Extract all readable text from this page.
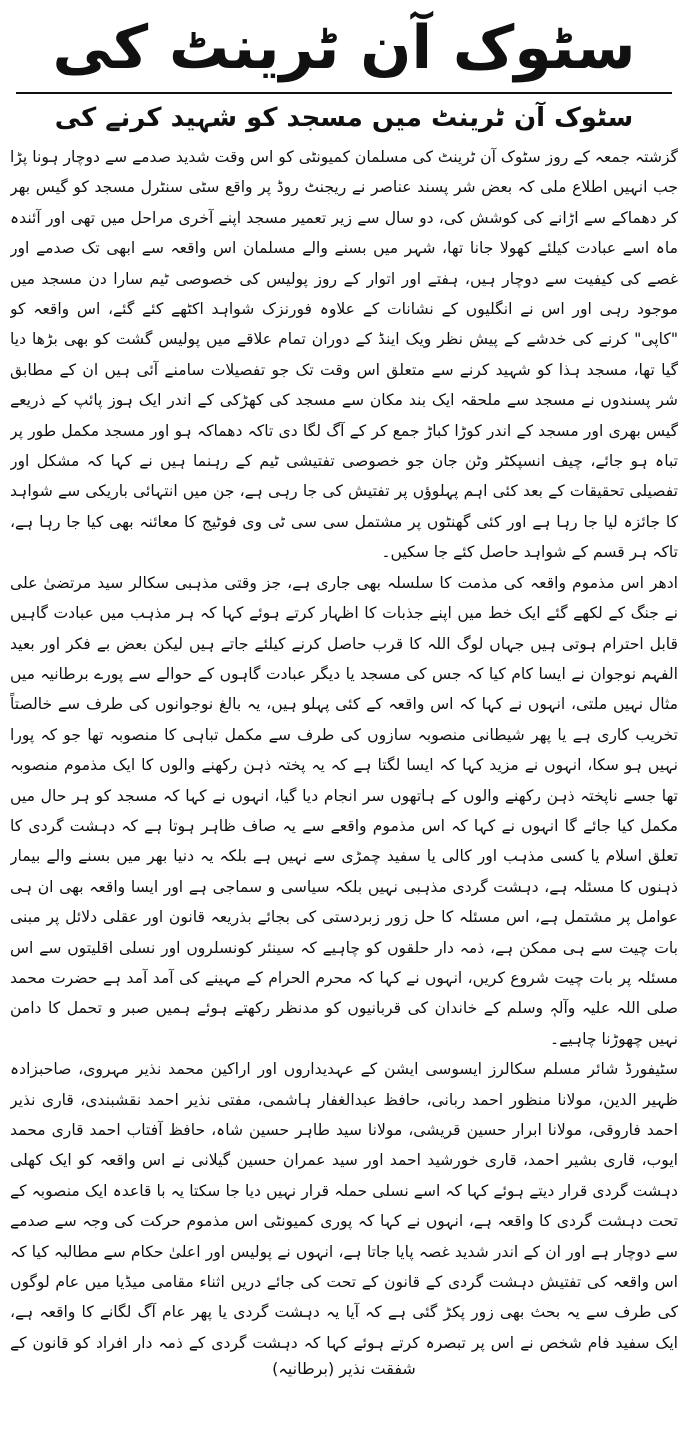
سٹوک آن ٹرینٹ کی
سٹوک آن ٹرینٹ میں مسجد کو شہید کرنے کی

گزشتہ جمعہ کے روز سٹوک آن ٹرینٹ کی مسلمان کمیونٹی کو اس وقت شدید صدمے سے دوچار ہونا پڑا جب انہیں اطلاع ملی کہ بعض شر پسند عناصر نے ریجنٹ روڈ پر واقع سٹی سنٹرل مسجد کو گیس بھر کر دھماکے سے اڑانے کی کوشش کی، دو سال سے زیر تعمیر مسجد اپنے آخری مراحل میں تھی اور آئندہ ماہ اسے عبادت کیلئے کھولا جانا تھا، شہر میں بسنے والے مسلمان اس واقعہ سے ابھی تک صدمے اور غصے کی کیفیت سے دوچار ہیں، ہفتے اور اتوار کے روز پولیس کی خصوصی ٹیم سارا دن مسجد میں موجود رہی اور اس نے انگلیوں کے نشانات کے علاوہ فورنزک شواہد اکٹھے کئے گئے، اس واقعہ کو "کاپی" کرنے کی خدشے کے پیش نظر ویک اینڈ کے دوران تمام علاقے میں پولیس گشت کو بھی بڑھا دیا گیا تھا، مسجد ہذا کو شہید کرنے سے متعلق اس وقت تک جو تفصیلات سامنے آئی ہیں ان کے مطابق شر پسندوں نے مسجد سے ملحقہ ایک بند مکان سے مسجد کی کھڑکی کے اندر ایک ہوز پائپ کے ذریعے گیس بھری اور مسجد کے اندر کوڑا کباڑ جمع کر کے آگ لگا دی تاکہ دھماکہ ہو اور مسجد مکمل طور پر تباہ ہو جائے، چیف انسپکٹر وٹن جان جو خصوصی تفتیشی ٹیم کے رہنما ہیں نے کہا کہ مشکل اور تفصیلی تحقیقات کے بعد کئی اہم پہلوؤں پر تفتیش کی جا رہی ہے، جن میں انتہائی باریکی سے شواہد کا جائزہ لیا جا رہا ہے اور کئی گھنٹوں پر مشتمل سی سی ٹی وی فوٹیج کا معائنہ بھی کیا جا رہا ہے، تاکہ ہر قسم کے شواہد حاصل کئے جا سکیں۔

ادھر اس مذموم واقعہ کی مذمت کا سلسلہ بھی جاری ہے، جز وقتی مذہبی سکالر سید مرتضیٰ علی نے جنگ کے لکھے گئے ایک خط میں اپنے جذبات کا اظہار کرتے ہوئے کہا کہ ہر مذہب میں عبادت گاہیں قابل احترام ہوتی ہیں جہاں لوگ اللہ کا قرب حاصل کرنے کیلئے جاتے ہیں لیکن بعض بے فکر اور بعید الفہم نوجوان نے ایسا کام کیا کہ جس کی مسجد یا دیگر عبادت گاہوں کے حوالے سے پورے برطانیہ میں مثال نہیں ملتی، انہوں نے کہا کہ اس واقعہ کے کئی پہلو ہیں، یہ بالغ نوجوانوں کی طرف سے خالصتاً تخریب کاری ہے یا پھر شیطانی منصوبہ سازوں کی طرف سے مکمل تباہی کا منصوبہ تھا جو کہ پورا نہیں ہو سکا، انہوں نے مزید کہا کہ ایسا لگتا ہے کہ یہ پختہ ذہن رکھنے والوں کا ایک مذموم منصوبہ تھا جسے ناپختہ ذہن رکھنے والوں کے ہاتھوں سر انجام دیا گیا، انہوں نے کہا کہ مسجد کو ہر حال میں مکمل کیا جائے گا انہوں نے کہا کہ اس مذموم واقعے سے یہ صاف ظاہر ہوتا ہے کہ دہشت گردی کا تعلق اسلام یا کسی مذہب اور کالی یا سفید چمڑی سے نہیں ہے بلکہ یہ دنیا بھر میں بسنے والے بیمار ذہنوں کا مسئلہ ہے، دہشت گردی مذہبی نہیں بلکہ سیاسی و سماجی ہے اور ایسا واقعہ بھی ان ہی عوامل پر مشتمل ہے، اس مسئلہ کا حل زور زبردستی کی بجائے بذریعہ قانون اور عقلی دلائل پر مبنی بات چیت سے ہی ممکن ہے، ذمہ دار حلقوں کو چاہیے کہ سینئر کونسلروں اور نسلی اقلیتوں سے اس مسئلہ پر بات چیت شروع کریں، انہوں نے کہا کہ محرم الحرام کے مہینے کی آمد آمد ہے حضرت محمد صلی اللہ علیہ وآلہٖ وسلم کے خاندان کی قربانیوں کو مدنظر رکھتے ہوئے ہمیں صبر و تحمل کا دامن نہیں چھوڑنا چاہیے۔

سٹیفورڈ شائر مسلم سکالرز ایسوسی ایشن کے عہدیداروں اور اراکین محمد نذیر مہروی، صاحبزادہ ظہیر الدین، مولانا منظور احمد ربانی، حافظ عبدالغفار ہاشمی، مفتی نذیر احمد نقشبندی، قاری نذیر احمد فاروقی، مولانا ابرار حسین قریشی، مولانا سید طاہر حسین شاہ، حافظ آفتاب احمد قاری محمد ایوب، قاری بشیر احمد، قاری خورشید احمد اور سید عمران حسین گیلانی نے اس واقعہ کو ایک کھلی دہشت گردی قرار دیتے ہوئے کہا کہ اسے نسلی حملہ قرار نہیں دیا جا سکتا یہ با قاعدہ ایک منصوبہ کے تحت دہشت گردی کا واقعہ ہے، انہوں نے کہا کہ پوری کمیونٹی اس مذموم حرکت کی وجہ سے صدمے سے دوچار ہے اور ان کے اندر شدید غصہ پایا جاتا ہے، انہوں نے پولیس اور اعلیٰ حکام سے مطالبہ کیا کہ اس واقعہ کی تفتیش دہشت گردی کے قانون کے تحت کی جائے دریں اثناء مقامی میڈیا میں عام لوگوں کی طرف سے یہ بحث بھی زور پکڑ گئی ہے کہ آیا یہ دہشت گردی یا پھر عام آگ لگانے کا واقعہ ہے، ایک سفید فام شخص نے اس پر تبصرہ کرتے ہوئے کہا کہ دہشت گردی کے ذمہ دار افراد کو قانون کے

شفقت نذیر (برطانیہ)
